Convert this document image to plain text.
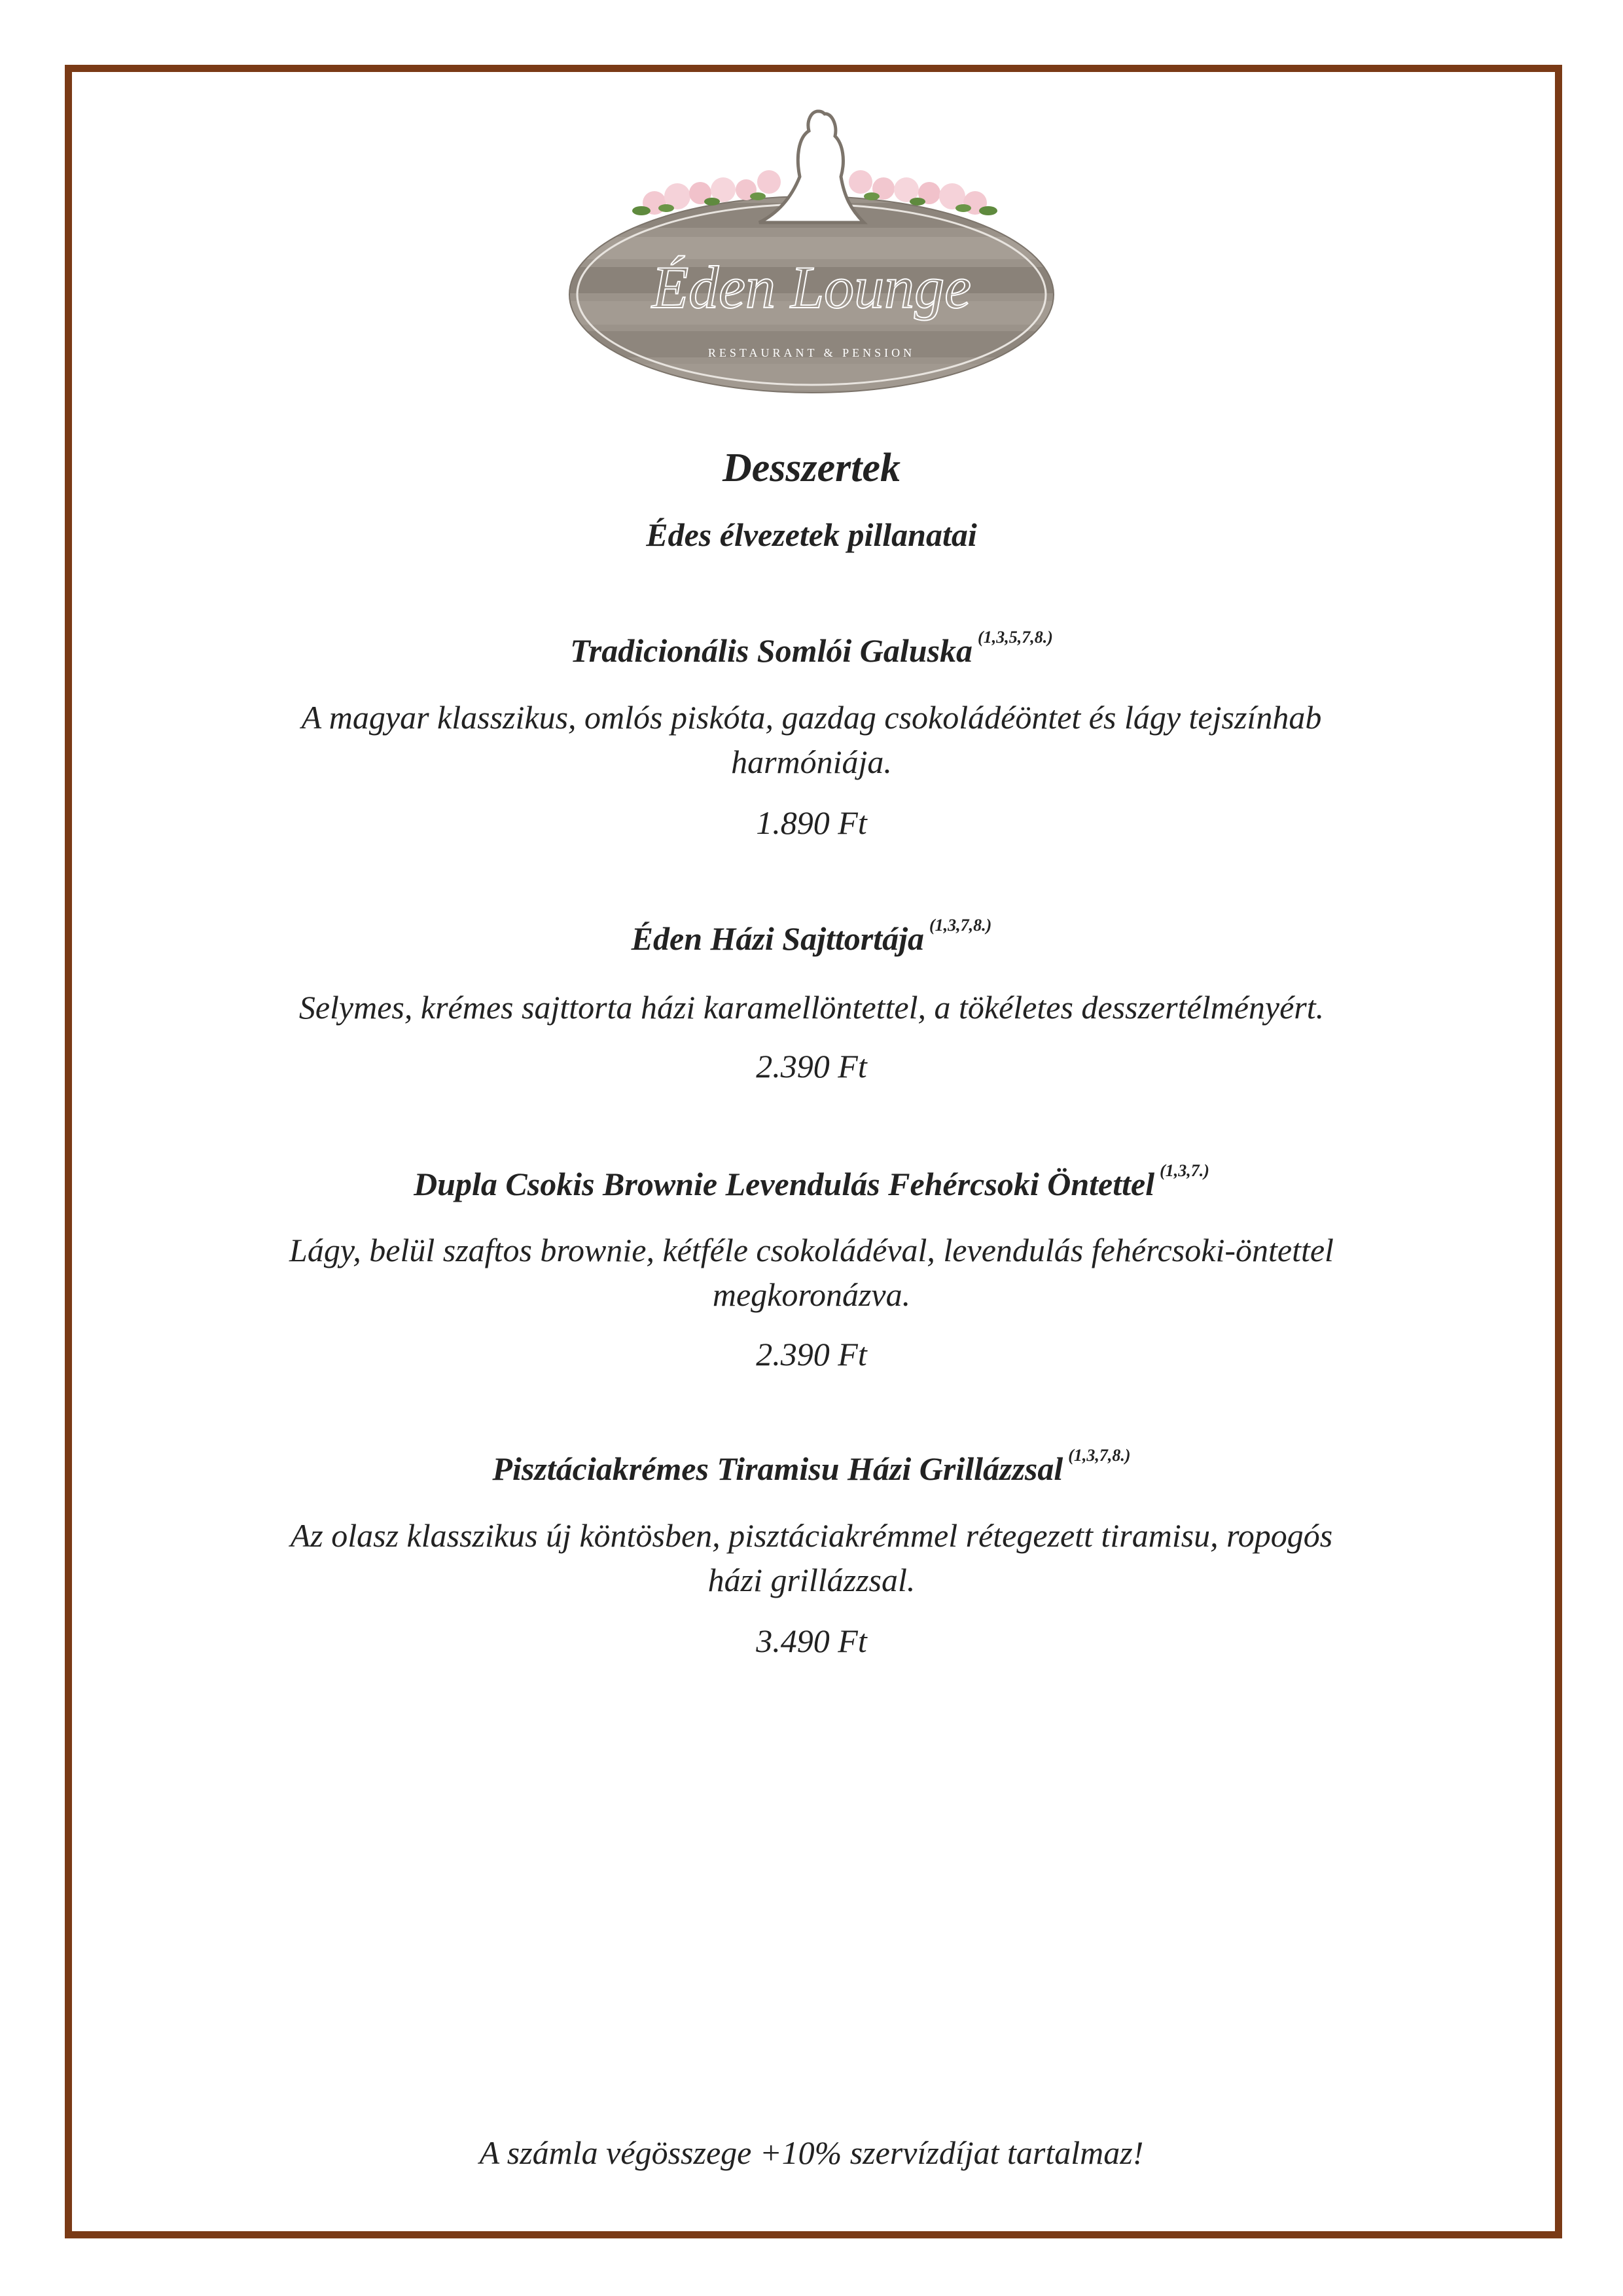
Éden Lounge
RESTAURANT & PENSION
Desszertek
Édes élvezetek pillanatai
Tradicionális Somlói Galuska $^{(1,3,5,7,8.)}$
A magyar klasszikus, omlós piskóta, gazdag csokoládéöntet és lágy tejszínhab
harmóniája.
1.890 Ft
Éden Házi Sajttortája $^{(1,3,7,8.)}$
Selymes, krémes sajttorta házi karamellöntettel, a tökéletes desszertélményért.
2.390 Ft
Dupla Csokis Brownie Levendulás Fehércsoki Öntettel $^{(1,3,7.)}$
Lágy, belül szaftos brownie, kétféle csokoládéval, levendulás fehércsoki-öntettel
megkoronázva.
2.390 Ft
Pisztáciakrémes Tiramisu Házi Grillázzsal $^{(1,3,7,8.)}$
Az olasz klasszikus új köntösben, pisztáciakrémmel rétegezett tiramisu, ropogós
házi grillázzsal.
3.490 Ft
A számla végösszege +10% szervízdíjat tartalmaz!
